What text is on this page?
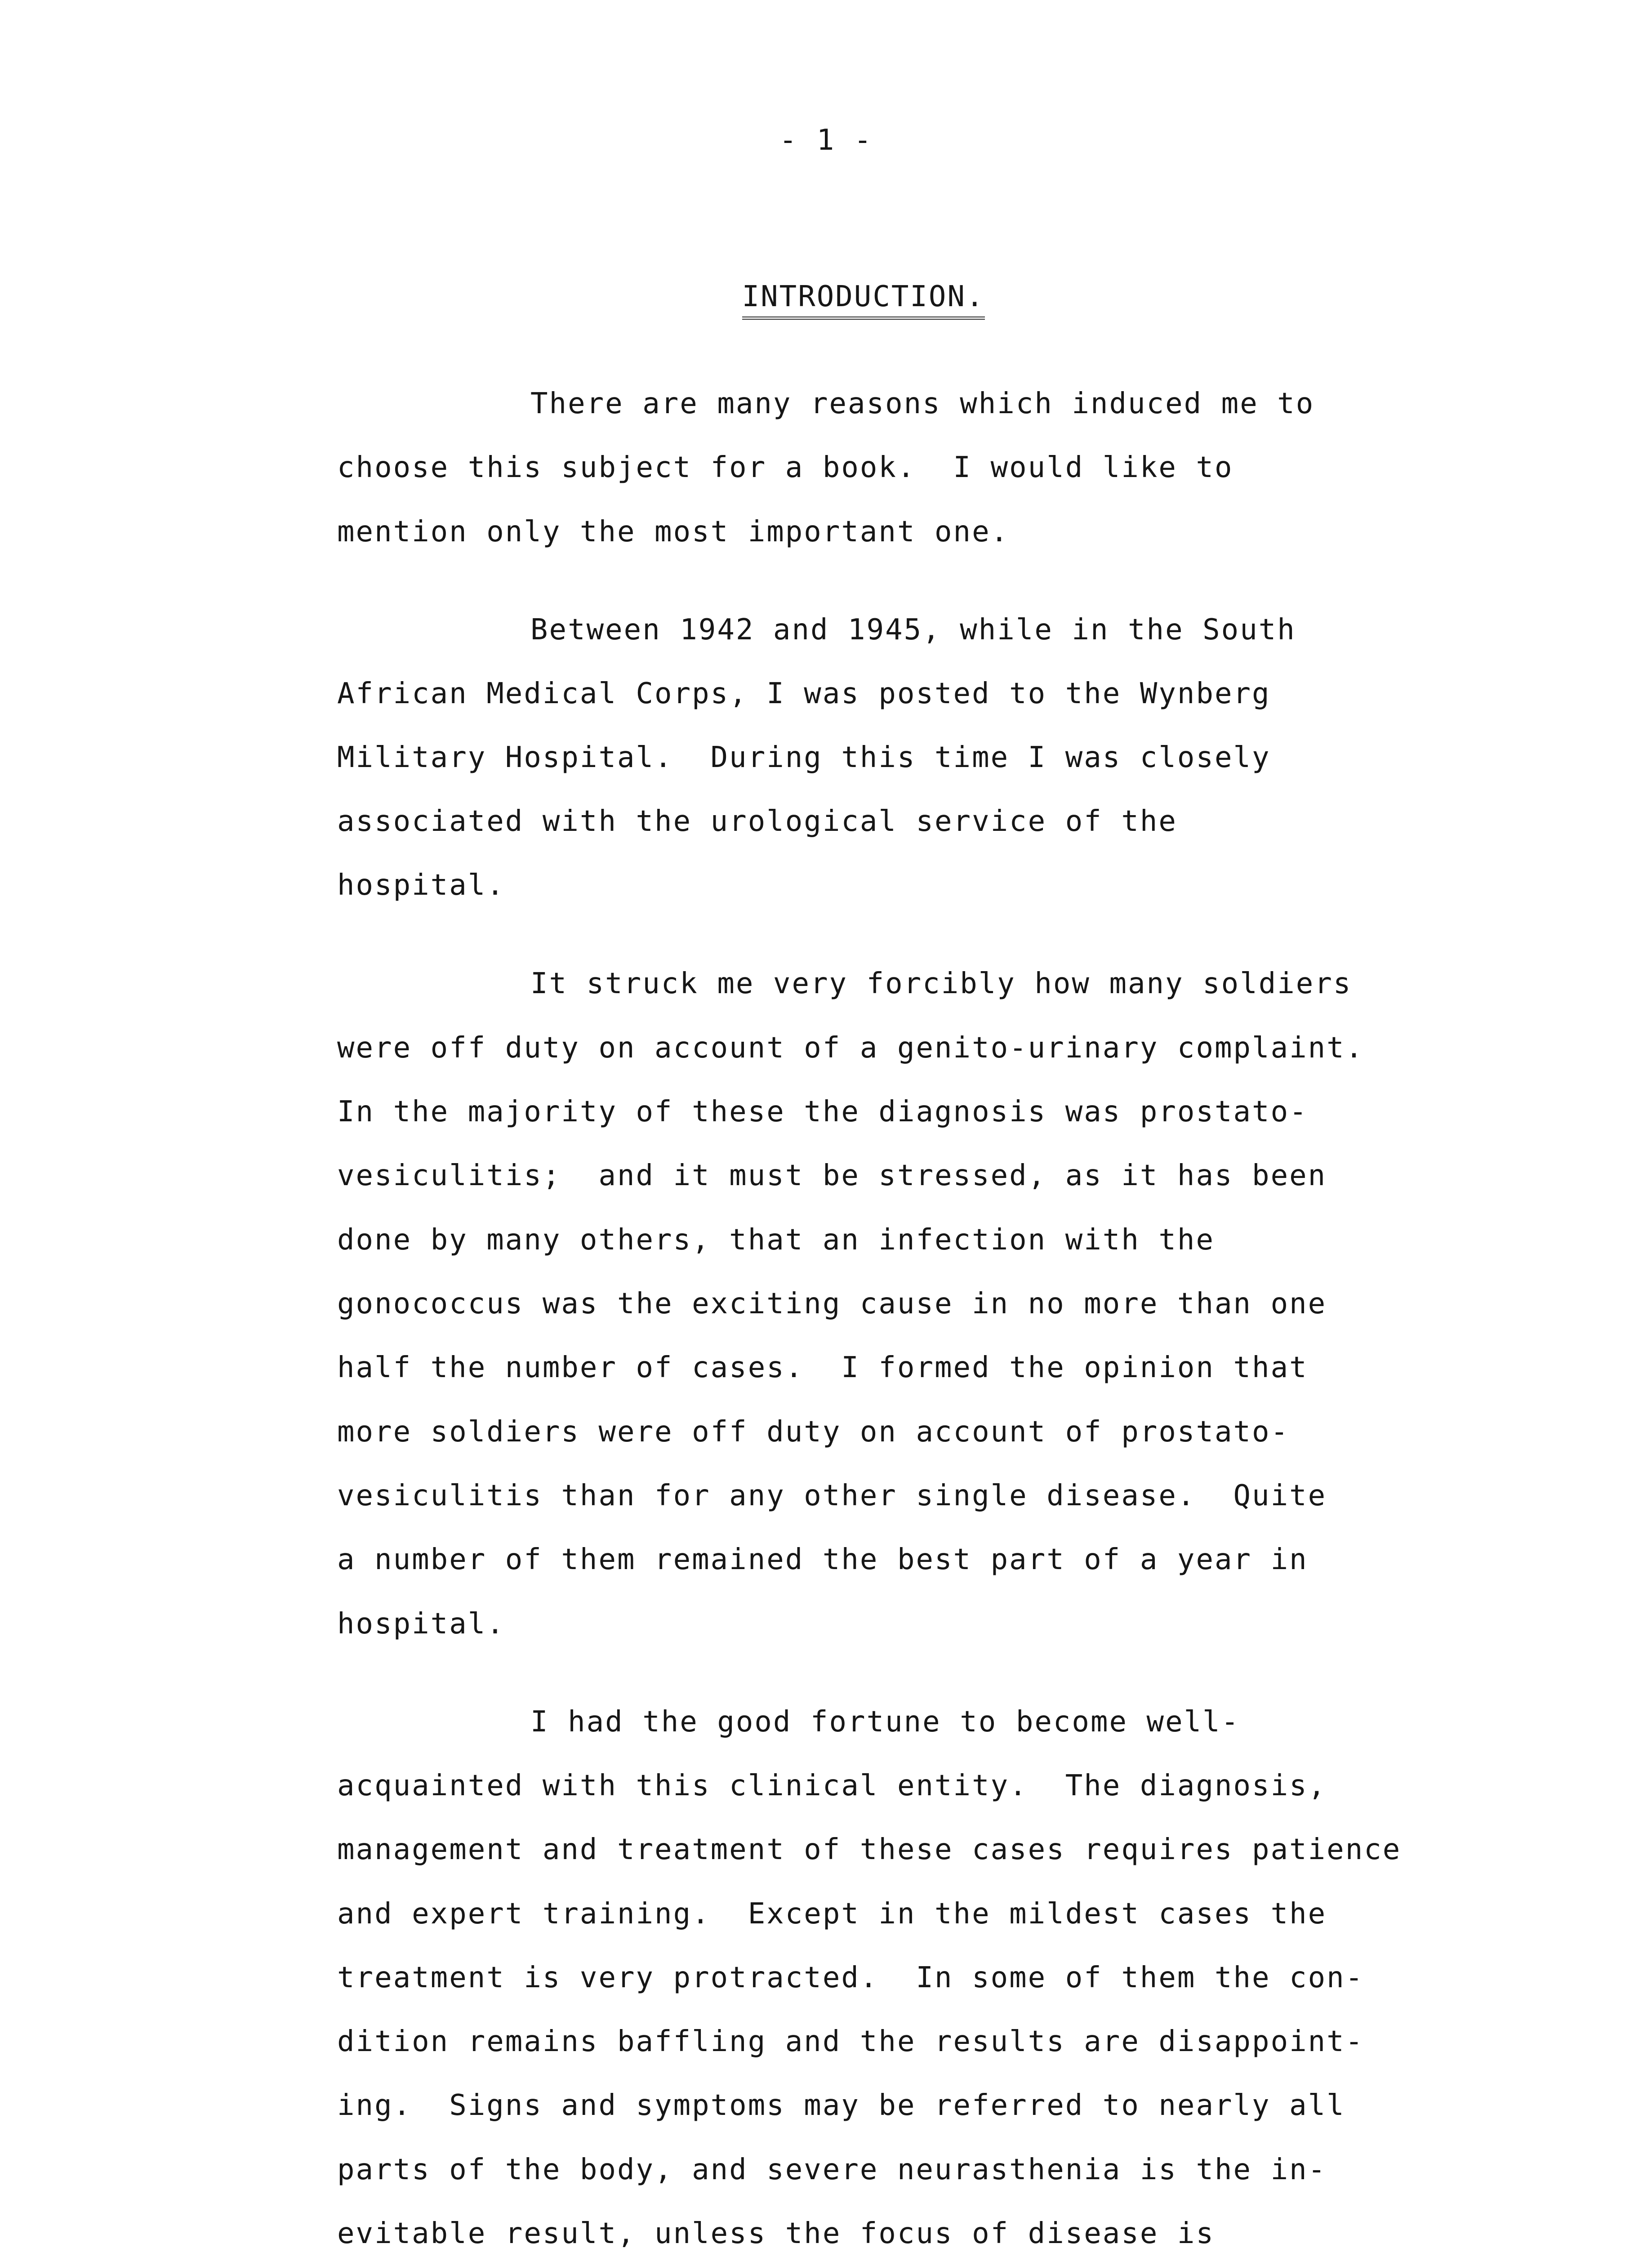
- 1 -

INTRODUCTION.

There are many reasons which induced me to
choose this subject for a book.  I would like to
mention only the most important one.
Between 1942 and 1945, while in the South
African Medical Corps, I was posted to the Wynberg
Military Hospital.  During this time I was closely
associated with the urological service of the
hospital.
It struck me very forcibly how many soldiers
were off duty on account of a genito-urinary complaint.
In the majority of these the diagnosis was prostato-
vesiculitis;  and it must be stressed, as it has been
done by many others, that an infection with the
gonococcus was the exciting cause in no more than one
half the number of cases.  I formed the opinion that
more soldiers were off duty on account of prostato-
vesiculitis than for any other single disease.  Quite
a number of them remained the best part of a year in
hospital.
I had the good fortune to become well-
acquainted with this clinical entity.  The diagnosis,
management and treatment of these cases requires patience
and expert training.  Except in the mildest cases the
treatment is very protracted.  In some of them the con-
dition remains baffling and the results are disappoint-
ing.  Signs and symptoms may be referred to nearly all
parts of the body, and severe neurasthenia is the in-
evitable result, unless the focus of disease is
